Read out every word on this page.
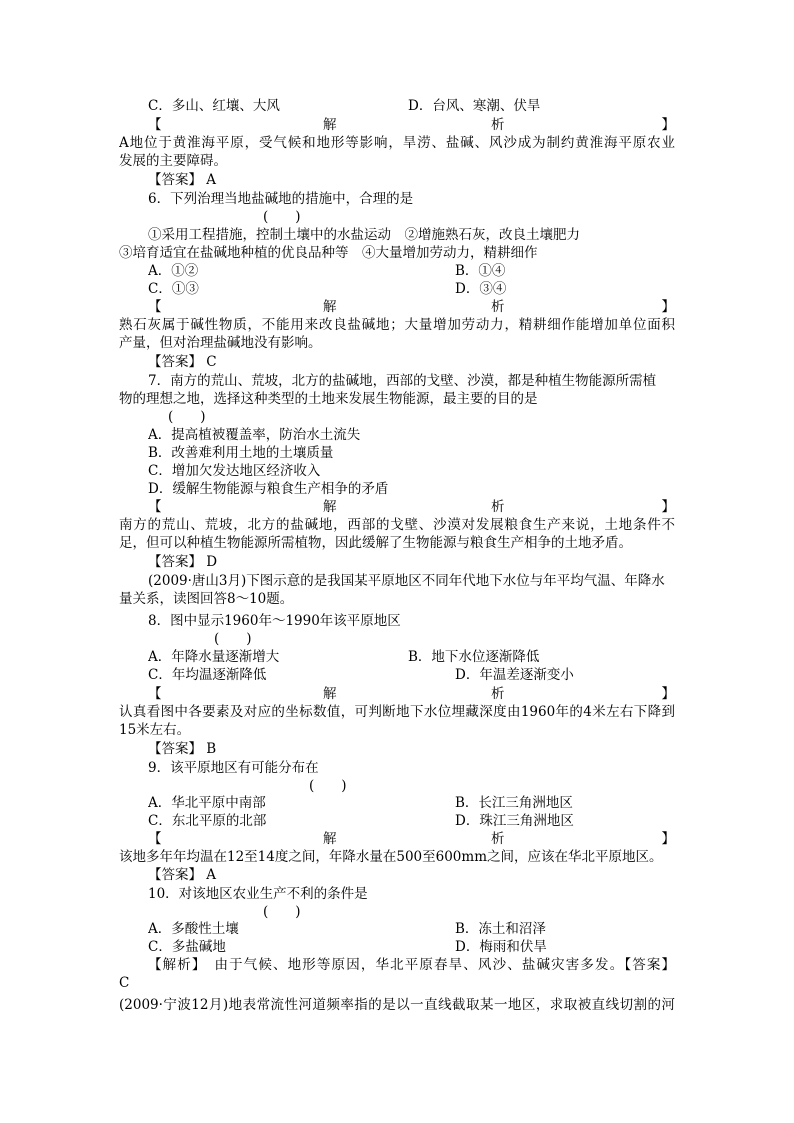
C．多山、红壤、大风	D．台风、寒潮、伏旱
【	解	析	】
A地位于黄淮海平原，受气候和地形等影响，旱涝、盐碱、风沙成为制约黄淮海平原农业
发展的主要障碍。
【答案】 A
6．下列治理当地盐碱地的措施中，合理的是
(　　)
①采用工程措施，控制土壤中的水盐运动　②增施熟石灰，改良土壤肥力
③培育适宜在盐碱地种植的优良品种等　④大量增加劳动力，精耕细作
A．①②	B．①④
C．①③	D．③④
【	解	析	】
熟石灰属于碱性物质，不能用来改良盐碱地；大量增加劳动力，精耕细作能增加单位面积
产量，但对治理盐碱地没有影响。
【答案】 C
7．南方的荒山、荒坡，北方的盐碱地，西部的戈壁、沙漠，都是种植生物能源所需植
物的理想之地，选择这种类型的土地来发展生物能源，最主要的目的是
(　　)
A．提高植被覆盖率，防治水土流失
B．改善难利用土地的土壤质量
C．增加欠发达地区经济收入
D．缓解生物能源与粮食生产相争的矛盾
【	解	析	】
南方的荒山、荒坡，北方的盐碱地，西部的戈壁、沙漠对发展粮食生产来说，土地条件不
足，但可以种植生物能源所需植物，因此缓解了生物能源与粮食生产相争的土地矛盾。
【答案】 D
(2009·唐山3月)下图示意的是我国某平原地区不同年代地下水位与年平均气温、年降水
量关系，读图回答8～10题。
8．图中显示1960年～1990年该平原地区
(　　)
A．年降水量逐渐增大	B．地下水位逐渐降低
C．年均温逐渐降低	D．年温差逐渐变小
【	解	析	】
认真看图中各要素及对应的坐标数值，可判断地下水位埋藏深度由1960年的4米左右下降到
15米左右。
【答案】 B
9．该平原地区有可能分布在
(　　)
A．华北平原中南部	B．长江三角洲地区
C．东北平原的北部	D．珠江三角洲地区
【	解	析	】
该地多年年均温在12至14度之间，年降水量在500至600mm之间，应该在华北平原地区。
【答案】 A
10．对该地区农业生产不利的条件是
(　　)
A．多酸性土壤	B．冻土和沼泽
C．多盐碱地	D．梅雨和伏旱
【解析】　由于气候、地形等原因，华北平原春旱、风沙、盐碱灾害多发。【答案】
C
(2009·宁波12月)地表常流性河道频率指的是以一直线截取某一地区，求取被直线切割的河
